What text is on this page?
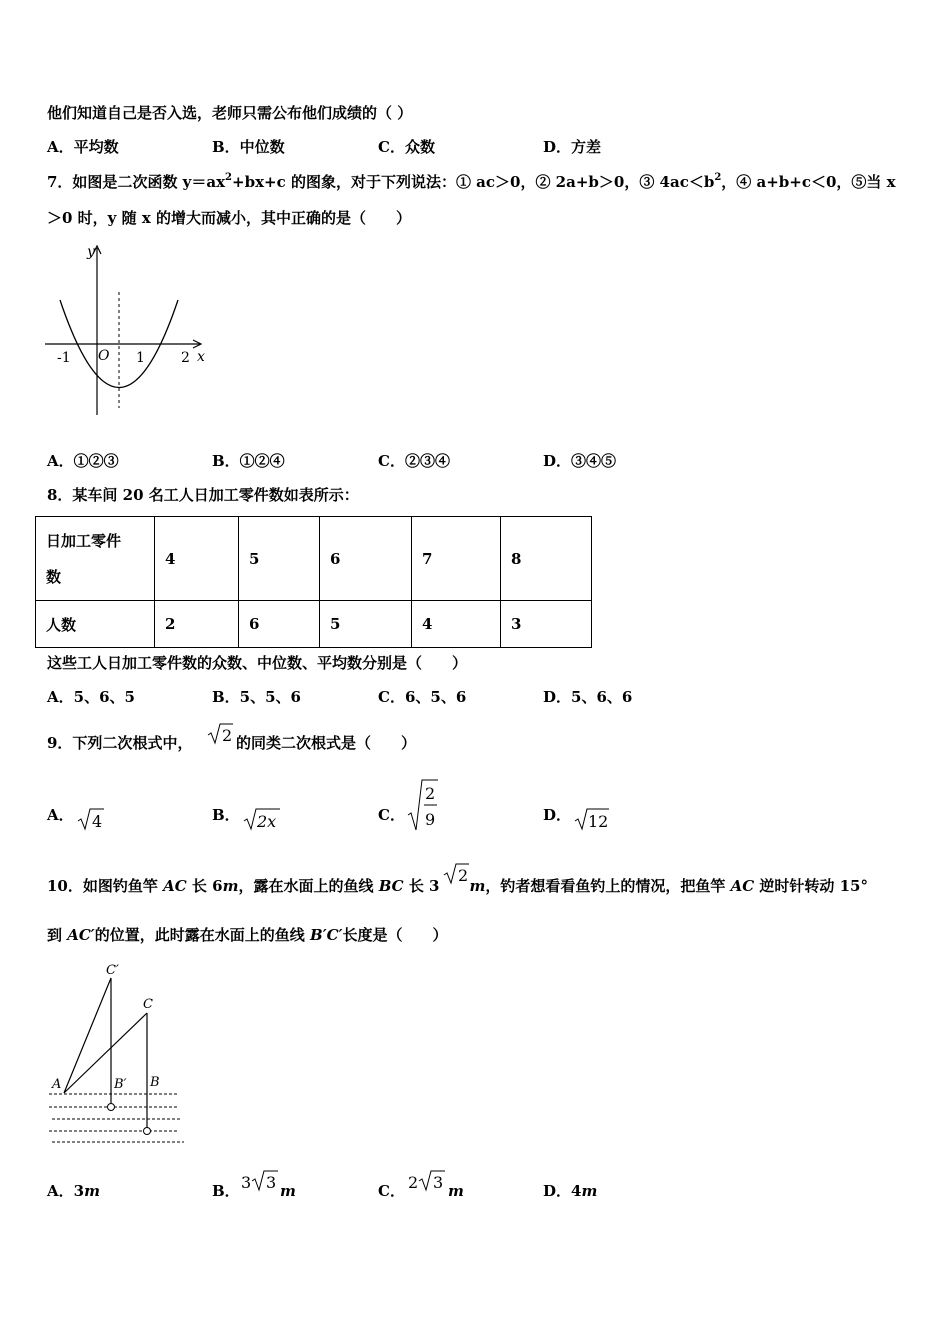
他们知道自己是否入选，老师只需公布他们成绩的（ ）
A．平均数	B．中位数	C．众数	D．方差
7．如图是二次函数 $y=ax^2+bx+c$ 的图象，对于下列说法：① ac＞0，② 2a+b＞0，③ $4ac<b^2$，④ a+b+c＜0，⑤当 x
＞0 时，y 随 x 的增大而减小，其中正确的是（　　）
y
x
O
-1	1	2
A．①②③	B．①②④	C．②③④	D．③④⑤
8．某车间 20 名工人日加工零件数如表所示：
日加工零件
数	4	5	6	7	8
人数	2	6	5	4	3
这些工人日加工零件数的众数、中位数、平均数分别是（　　）
A．5、6、5	B．5、5、6	C．6、5、6	D．5、6、6
9．下列二次根式中， 2 的同类二次根式是（　　）
A． 4	B． 2x	C．
2
9	D． 12
10．如图钓鱼竿 AC 长 6m，露在水面上的鱼线 BC 长 3 m，钓者想看看鱼钓上的情况，把鱼竿 AC 逆时针转动 15°
2
到 AC′的位置，此时露在水面上的鱼线 B′C′长度是（　　）
C′
C
A	B′ B
A．3m	B． 3 3 m	C． 2 3 m	D．4m
